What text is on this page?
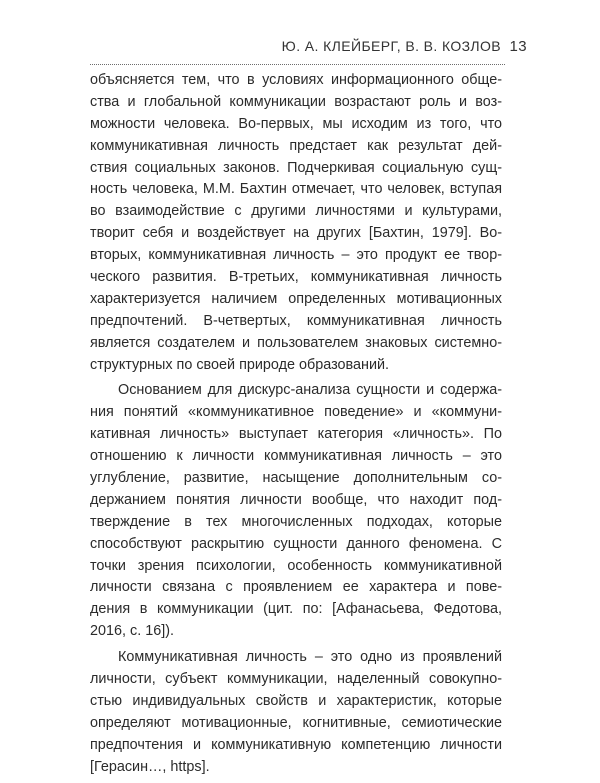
Ю. А. КЛЕЙБЕРГ, В. В. КОЗЛОВ 13
объясняется тем, что в условиях информационного обще-
ства и глобальной коммуникации возрастают роль и воз-
можности человека. Во-первых, мы исходим из того, что
коммуникативная личность предстает как результат дей-
ствия социальных законов. Подчеркивая социальную сущ-
ность человека, М.М. Бахтин отмечает, что человек, вступая
во взаимодействие с другими личностями и культурами,
творит себя и воздействует на других [Бахтин, 1979]. Во-
вторых, коммуникативная личность – это продукт ее твор-
ческого развития. В-третьих, коммуникативная личность
характеризуется наличием определенных мотивационных
предпочтений. В-четвертых, коммуникативная личность
является создателем и пользователем знаковых системно-
структурных по своей природе образований.
Основанием для дискурс-анализа сущности и содержа-
ния понятий «коммуникативное поведение» и «коммуни-
кативная личность» выступает категория «личность». По
отношению к личности коммуникативная личность – это
углубление, развитие, насыщение дополнительным со-
держанием понятия личности вообще, что находит под-
тверждение в тех многочисленных подходах, которые
способствуют раскрытию сущности данного феномена. С
точки зрения психологии, особенность коммуникативной
личности связана с проявлением ее характера и пове-
дения в коммуникации (цит. по: [Афанасьева, Федотова,
2016, с. 16]).
Коммуникативная личность – это одно из проявлений
личности, субъект коммуникации, наделенный совокупно-
стью индивидуальных свойств и характеристик, которые
определяют мотивационные, когнитивные, семиотические
предпочтения и коммуникативную компетенцию личности
[Герасин…, https].
